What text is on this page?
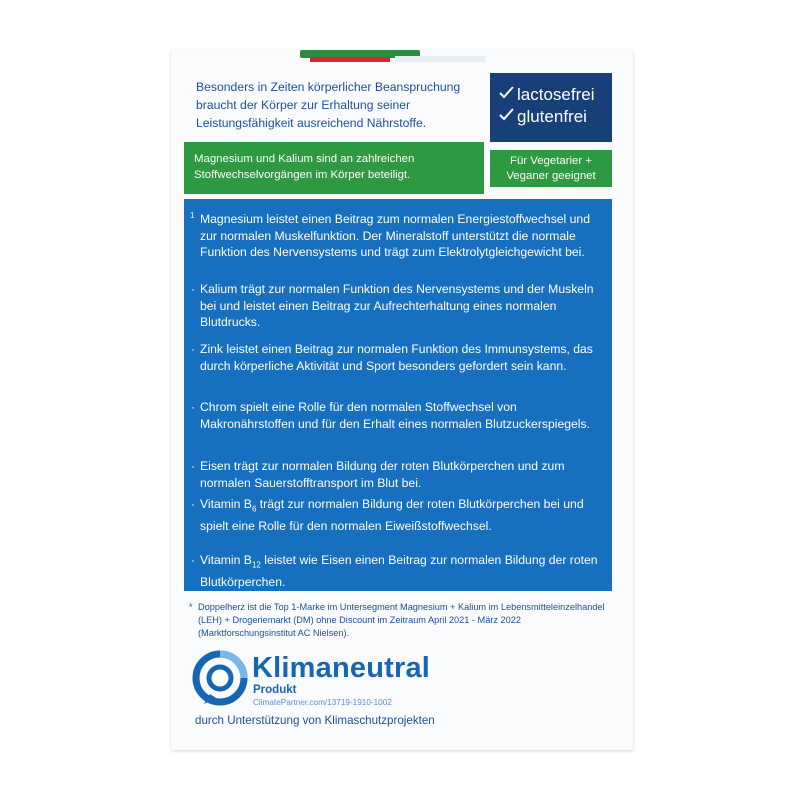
Besonders in Zeiten körperlicher Beanspruchung braucht der Körper zur Erhaltung seiner Leistungsfähigkeit ausreichend Nährstoffe.
lactosefrei
glutenfrei
Magnesium und Kalium sind an zahlreichen Stoffwechselvorgängen im Körper beteiligt.
Für Vegetarier +
Veganer geeignet
1 Magnesium leistet einen Beitrag zum normalen Energiestoffwechsel und zur normalen Muskelfunktion. Der Mineralstoff unterstützt die normale Funktion des Nervensystems und trägt zum Elektrolytgleichgewicht bei.
· Kalium trägt zur normalen Funktion des Nervensystems und der Muskeln bei und leistet einen Beitrag zur Aufrechterhaltung eines normalen Blutdrucks.
· Zink leistet einen Beitrag zur normalen Funktion des Immunsystems, das durch körperliche Aktivität und Sport besonders gefordert sein kann.
· Chrom spielt eine Rolle für den normalen Stoffwechsel von Makronährstoffen und für den Erhalt eines normalen Blutzuckerspiegels.
· Eisen trägt zur normalen Bildung der roten Blutkörperchen und zum normalen Sauerstofftransport im Blut bei.
· Vitamin $B_6$ trägt zur normalen Bildung der roten Blutkörperchen bei und spielt eine Rolle für den normalen Eiweißstoffwechsel.
· Vitamin $B_{12}$ leistet wie Eisen einen Beitrag zur normalen Bildung der roten Blutkörperchen.
* Doppelherz ist die Top 1-Marke im Untersegment Magnesium + Kalium im Lebensmitteleinzelhandel (LEH) + Drogeriemarkt (DM) ohne Discount im Zeitraum April 2021 - März 2022 (Marktforschungsinstitut AC Nielsen).
Klimaneutral
Produkt
ClimatePartner.com/13719-1910-1002
durch Unterstützung von Klimaschutzprojekten
